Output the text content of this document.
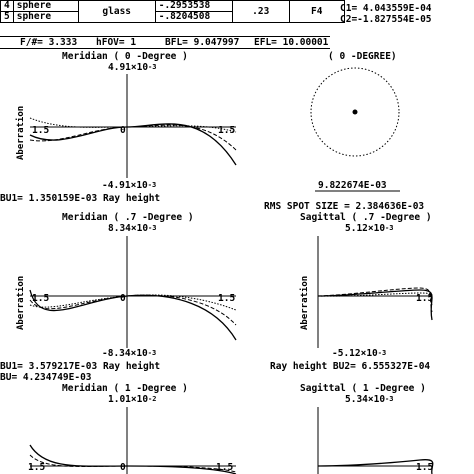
4	sphere	glass	-.2953538	.23	F4
5	sphere		-.8204508		
C1= 4.043559E-04
C2=-1.827554E-05
F/#= 3.333 hFOV= 1	BFL= 9.047997 EFL= 10.00001
Meridian ( 0 -Degree )
$4.91\times 10^{-3}$
Aberration 1.5	0	1.5
$-4.91\times 10^{-3}$
( 0 -DEGREE)
9.822674E-03
RMS SPOT SIZE = 2.384636E-03
BU1= 1.350159E-03 Ray height
Meridian ( .7 -Degree )
$8.34\times 10^{-3}$
Aberration 1.5	0	1.5
$-8.34\times 10^{-3}$
Sagittal ( .7 -Degree )
$5.12\times 10^{-3}$
Aberration	1.5
$-5.12\times 10^{-3}$
BU1= 3.579217E-03 Ray height	Ray height BU2= 6.555327E-04
BU= 4.234749E-03
Meridian ( 1 -Degree )
$1.01\times 10^{-2}$
1.5	0	1.5
Sagittal ( 1 -Degree )
$5.34\times 10^{-3}$
1.5
